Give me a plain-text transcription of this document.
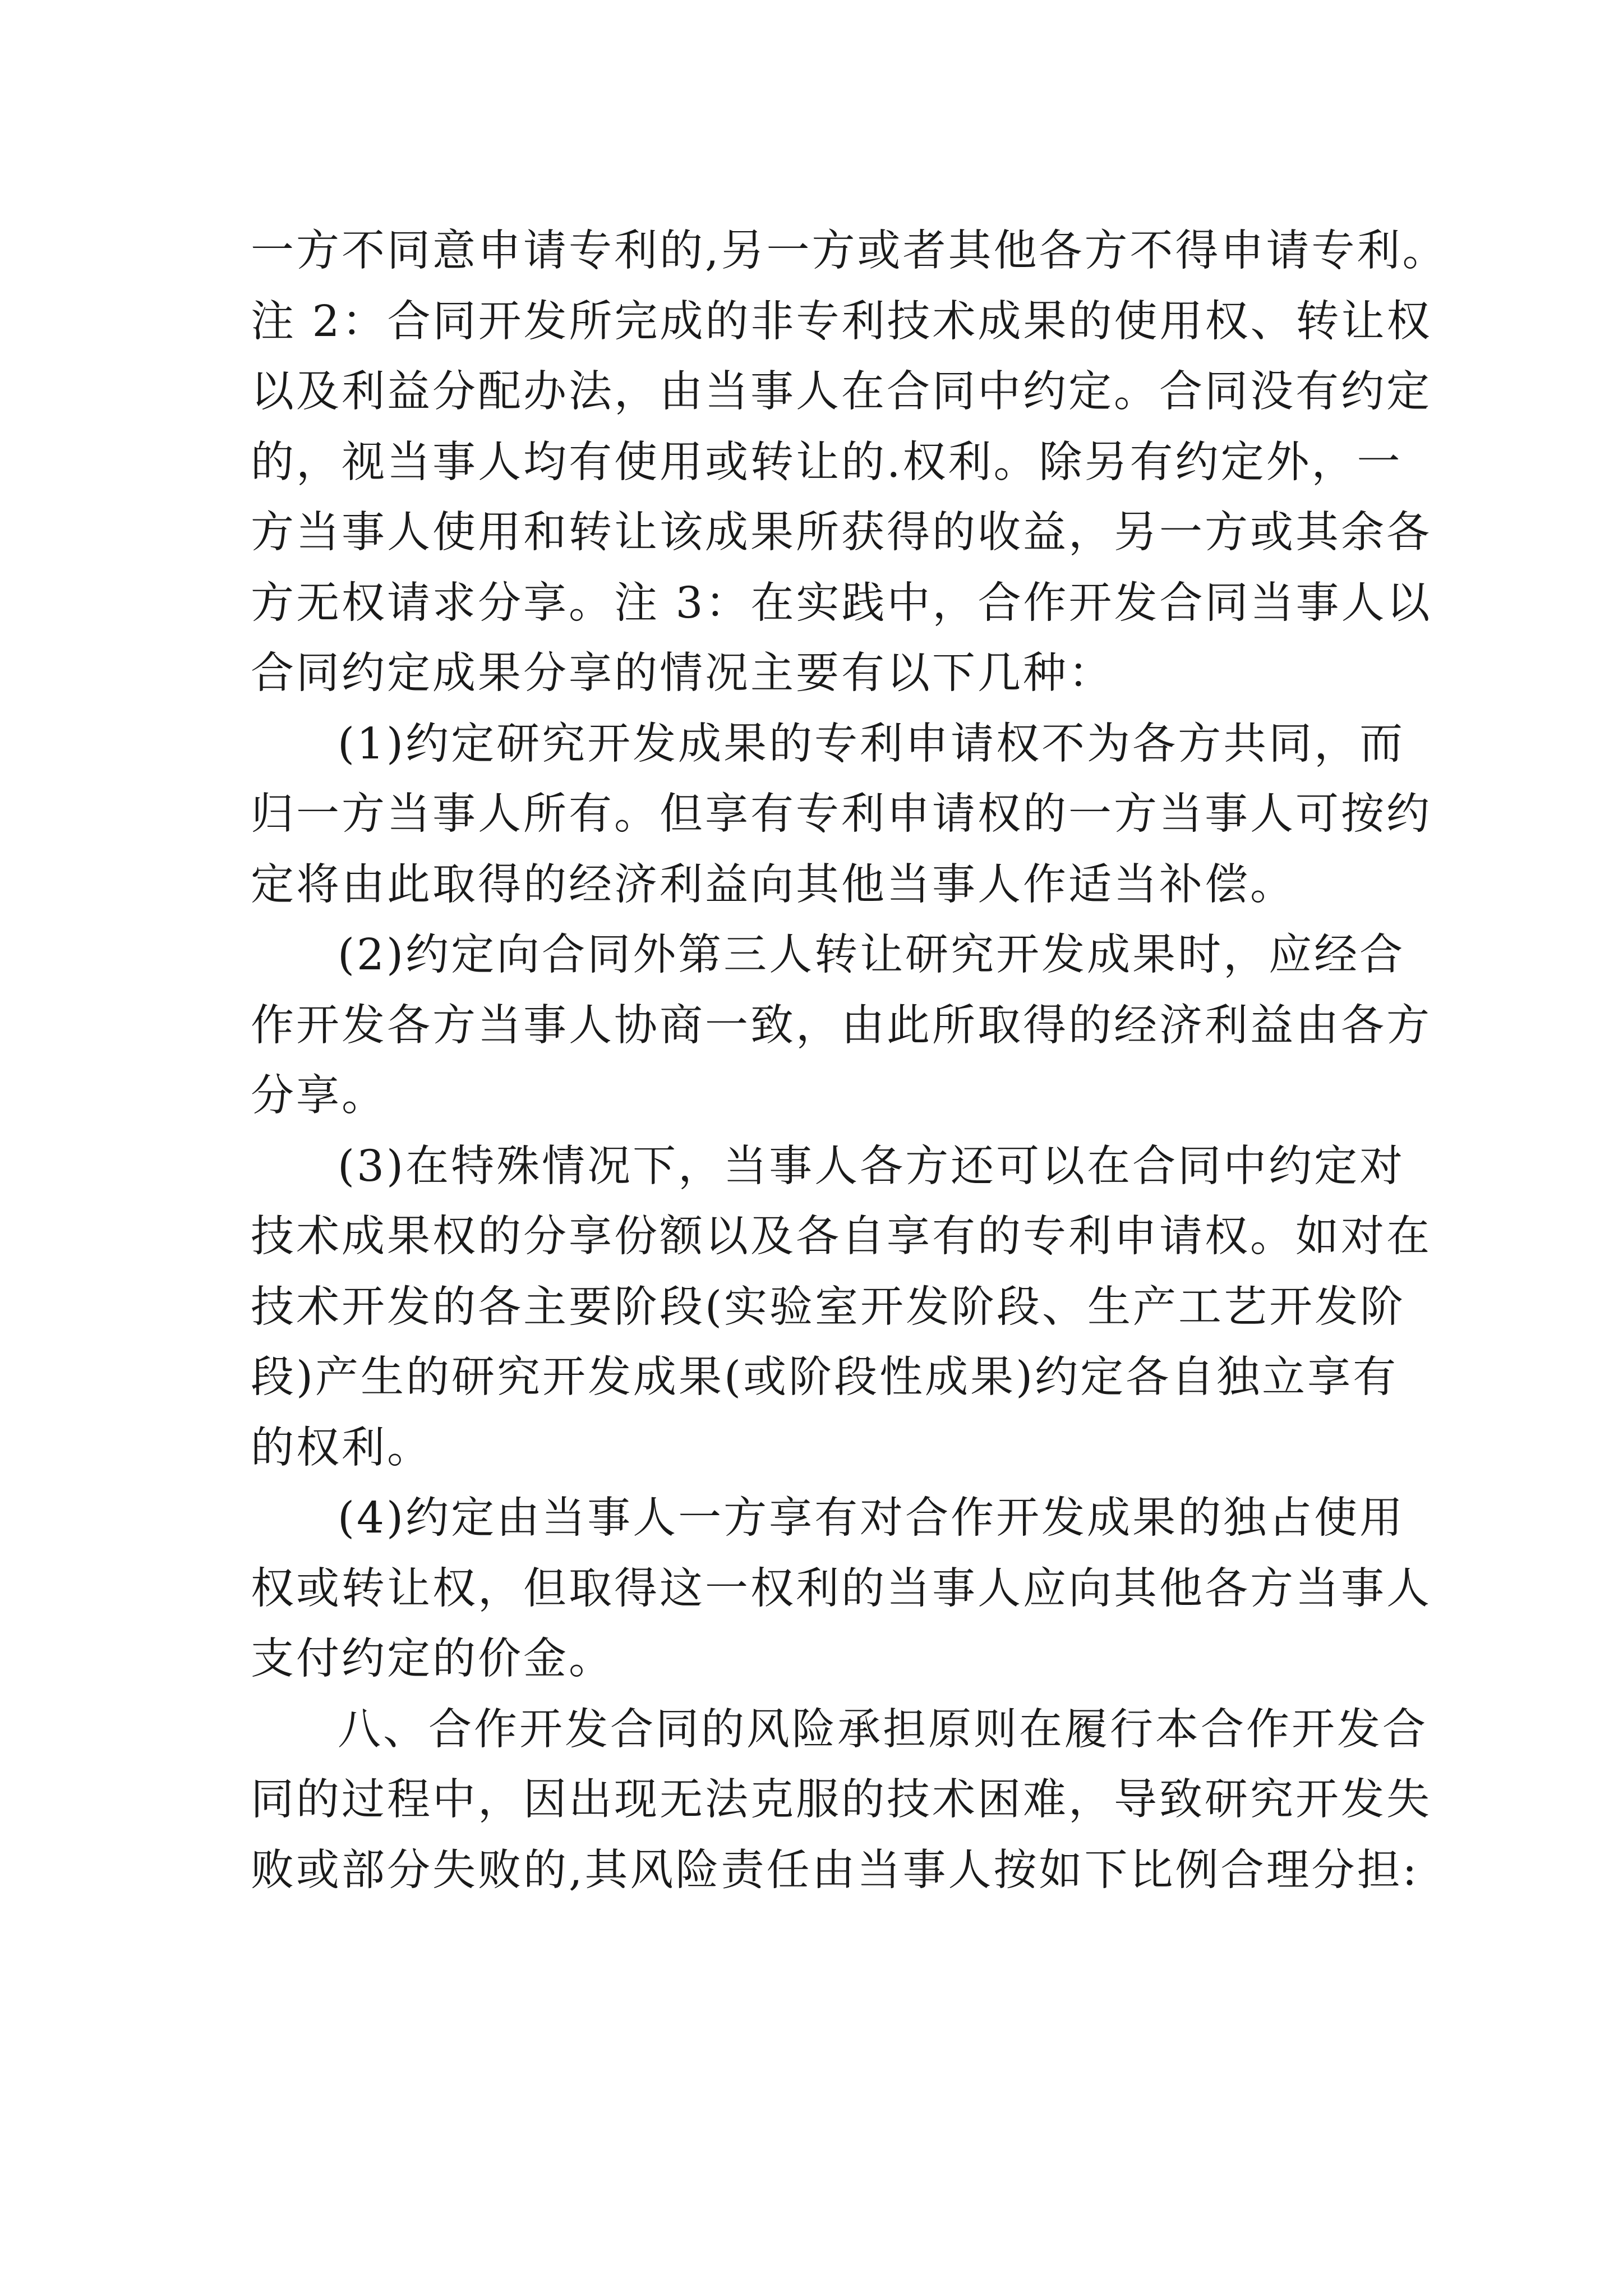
一方不同意申请专利的,另一方或者其他各方不得申请专利。
注 2：合同开发所完成的非专利技术成果的使用权、转让权
以及利益分配办法，由当事人在合同中约定。合同没有约定
的，视当事人均有使用或转让的.权利。除另有约定外，一
方当事人使用和转让该成果所获得的收益，另一方或其余各
方无权请求分享。注 3：在实践中，合作开发合同当事人以
合同约定成果分享的情况主要有以下几种：
(1)约定研究开发成果的专利申请权不为各方共同，而
归一方当事人所有。但享有专利申请权的一方当事人可按约
定将由此取得的经济利益向其他当事人作适当补偿。
(2)约定向合同外第三人转让研究开发成果时，应经合
作开发各方当事人协商一致，由此所取得的经济利益由各方
分享。
(3)在特殊情况下，当事人各方还可以在合同中约定对
技术成果权的分享份额以及各自享有的专利申请权。如对在
技术开发的各主要阶段(实验室开发阶段、生产工艺开发阶
段)产生的研究开发成果(或阶段性成果)约定各自独立享有
的权利。
(4)约定由当事人一方享有对合作开发成果的独占使用
权或转让权，但取得这一权利的当事人应向其他各方当事人
支付约定的价金。
八、合作开发合同的风险承担原则在履行本合作开发合
同的过程中，因出现无法克服的技术困难，导致研究开发失
败或部分失败的,其风险责任由当事人按如下比例合理分担:
